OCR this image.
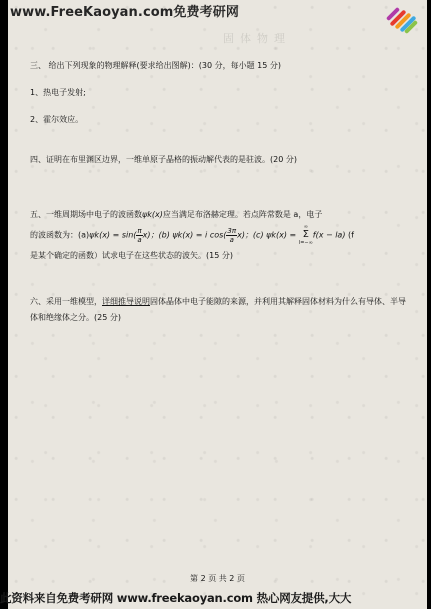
www.FreeKaoyan.com免费考研网
固体物理

三、 给出下列现象的物理解释(要求给出图解)：(30 分，每小题 15 分)

1、热电子发射;

2、霍尔效应。

四、证明在布里渊区边界，一维单原子晶格的振动解代表的是驻波。(20 分)

五、一维周期场中电子的波函数ψk(x)应当满足布洛赫定理。若点阵常数是 a，电子

的波函数为：$(a)\psi k(x) = \sin( \frac{\pi}{a} x)$；(b) ψk(x) = i $\cos( \frac{3\pi}{a} x)$；(c) ψk(x) = ∞
Σ
l=−∞f(x − la) (f

是某个确定的函数）试求电子在这些状态的波矢。(15 分)

六、采用一维模型，详细推导说明固体晶体中电子能隙的来源，并利用其解释固体材料为什么有导体、半导体和绝缘体之分。(25 分)

第 2 页 共 2 页
此资料来自免费考研网 www.freekaoyan.com 热心网友提供,大大
